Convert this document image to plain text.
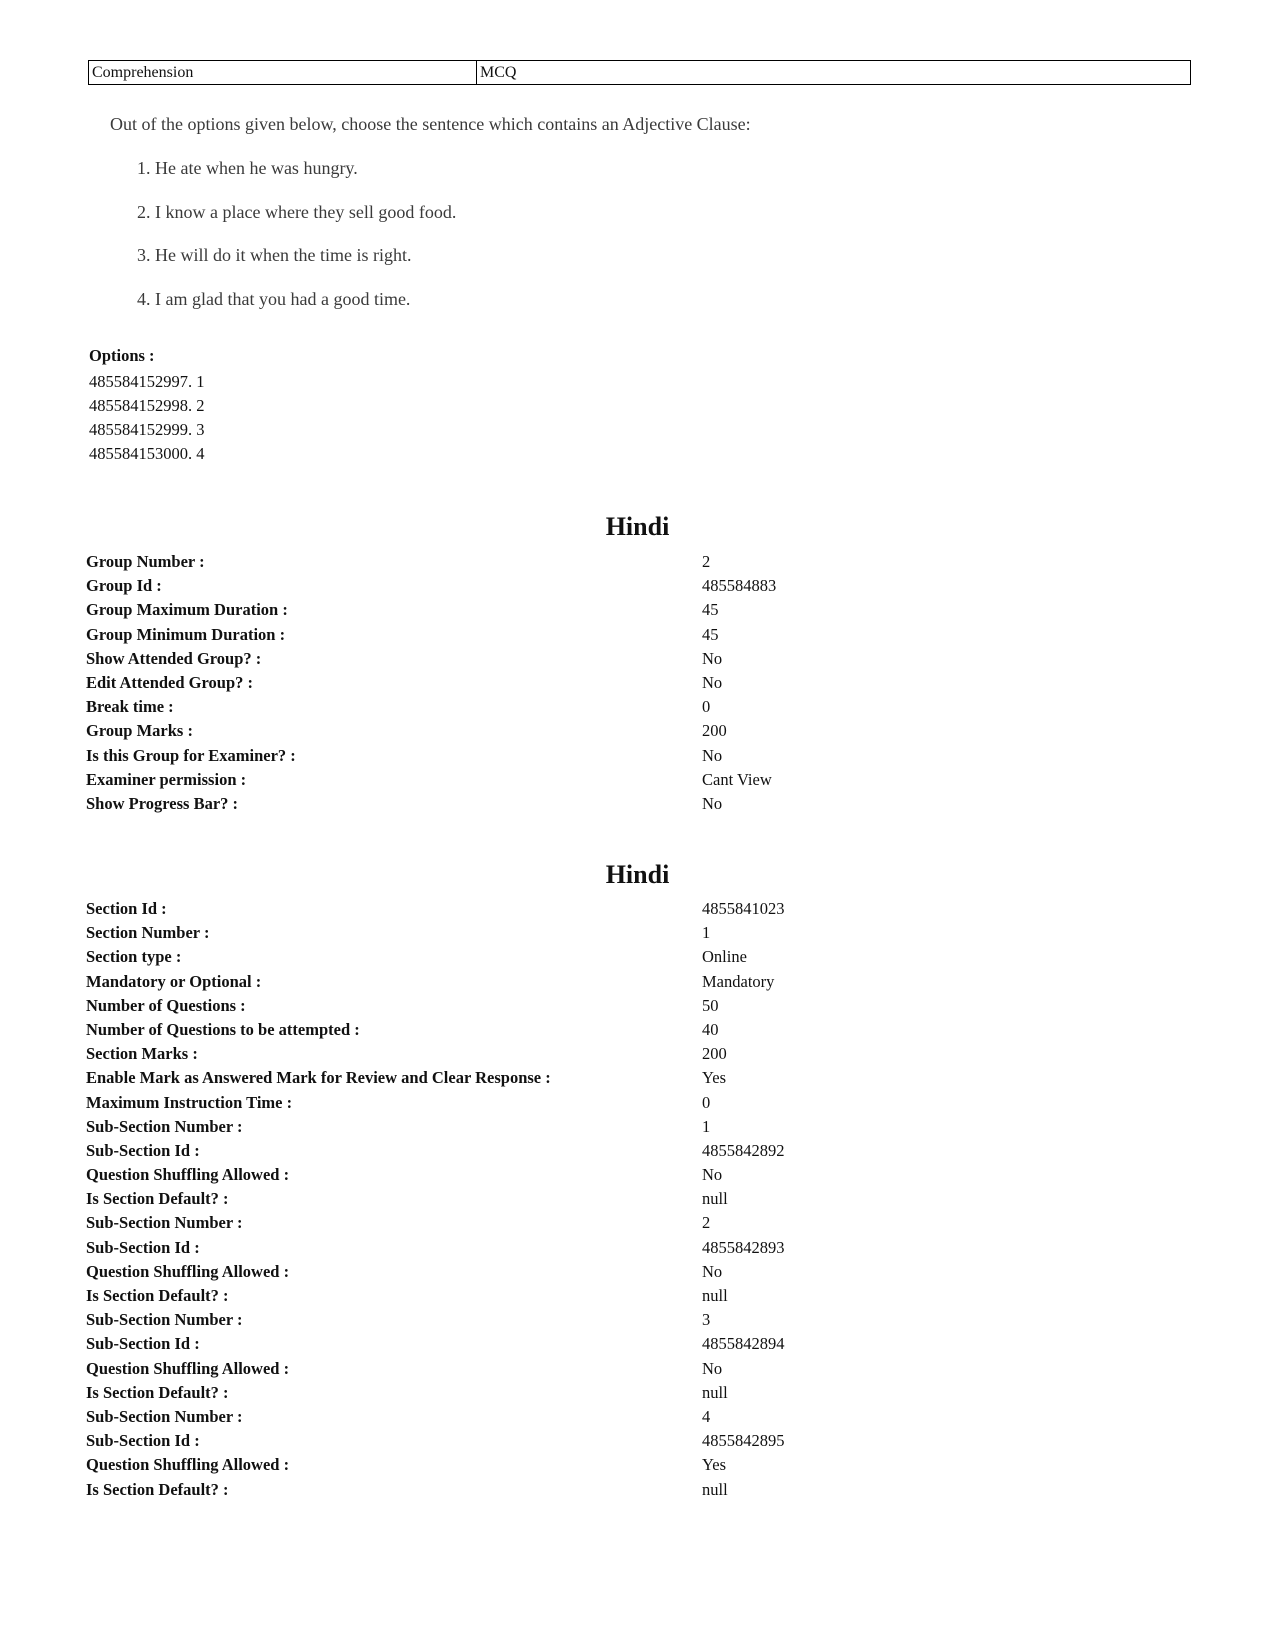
Comprehension	MCQ
Out of the options given below, choose the sentence which contains an Adjective Clause:
1. He ate when he was hungry.
2. I know a place where they sell good food.
3. He will do it when the time is right.
4. I am glad that you had a good time.
Options :
485584152997. 1
485584152998. 2
485584152999. 3
485584153000. 4
Hindi
Group Number :	2
Group Id :	485584883
Group Maximum Duration :	45
Group Minimum Duration :	45
Show Attended Group? :	No
Edit Attended Group? :	No
Break time :	0
Group Marks :	200
Is this Group for Examiner? :	No
Examiner permission :	Cant View
Show Progress Bar? :	No
Hindi
Section Id :	4855841023
Section Number :	1
Section type :	Online
Mandatory or Optional :	Mandatory
Number of Questions :	50
Number of Questions to be attempted :	40
Section Marks :	200
Enable Mark as Answered Mark for Review and Clear Response :	Yes
Maximum Instruction Time :	0
Sub-Section Number :	1
Sub-Section Id :	4855842892
Question Shuffling Allowed :	No
Is Section Default? :	null
Sub-Section Number :	2
Sub-Section Id :	4855842893
Question Shuffling Allowed :	No
Is Section Default? :	null
Sub-Section Number :	3
Sub-Section Id :	4855842894
Question Shuffling Allowed :	No
Is Section Default? :	null
Sub-Section Number :	4
Sub-Section Id :	4855842895
Question Shuffling Allowed :	Yes
Is Section Default? :	null
